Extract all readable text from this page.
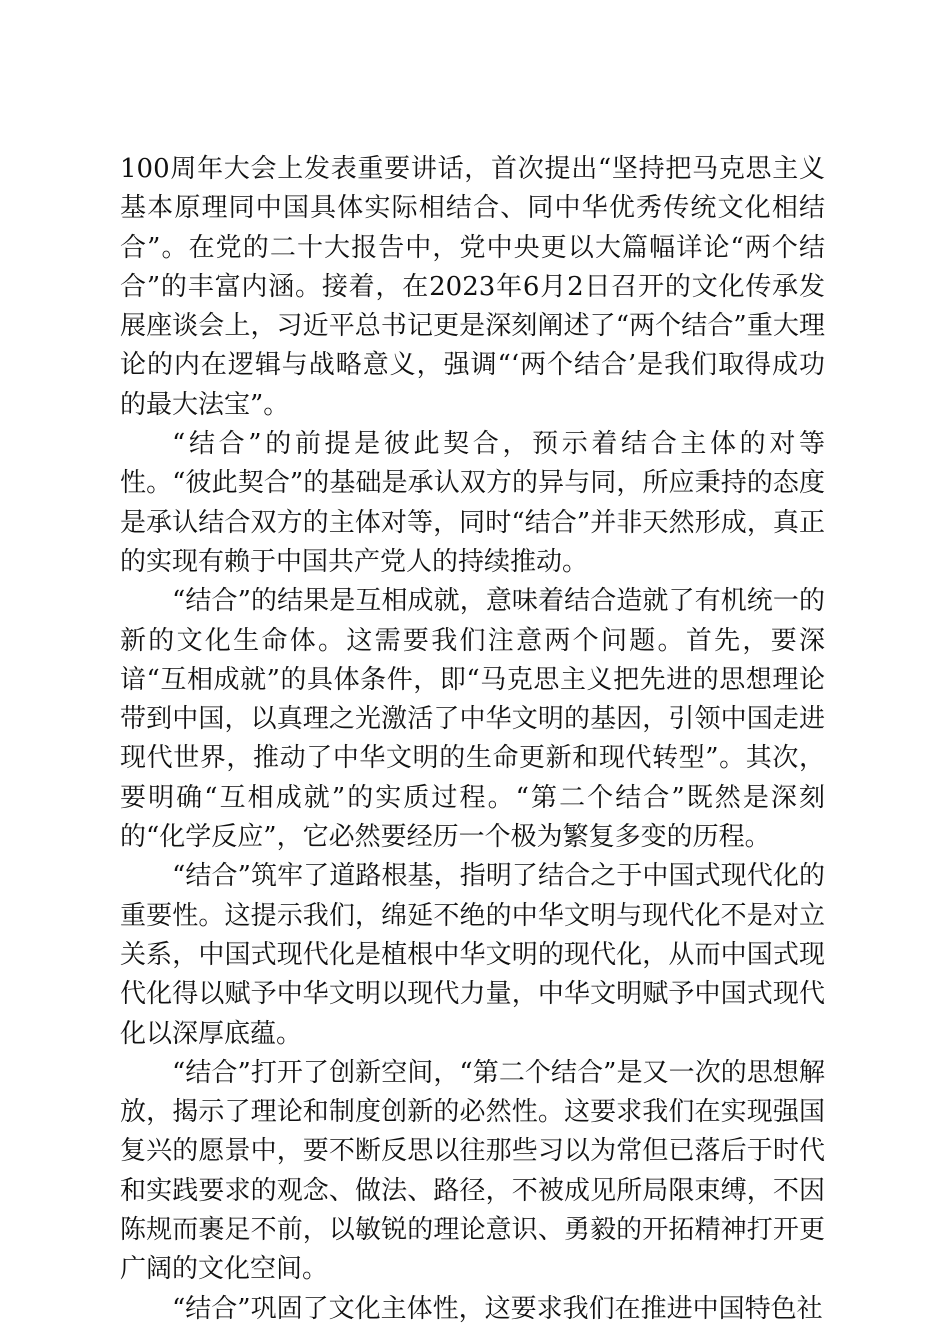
100周年大会上发表重要讲话，首次提出“坚持把马克思主义基本原理同中国具体实际相结合、同中华优秀传统文化相结合”。在党的二十大报告中，党中央更以大篇幅详论“两个结合”的丰富内涵。接着，在2023年6月2日召开的文化传承发展座谈会上，习近平总书记更是深刻阐述了“两个结合”重大理论的内在逻辑与战略意义，强调“‘两个结合’是我们取得成功的最大法宝”。

“结合”的前提是彼此契合，预示着结合主体的对等性。“彼此契合”的基础是承认双方的异与同，所应秉持的态度是承认结合双方的主体对等，同时“结合”并非天然形成，真正的实现有赖于中国共产党人的持续推动。

“结合”的结果是互相成就，意味着结合造就了有机统一的新的文化生命体。这需要我们注意两个问题。首先，要深谙“互相成就”的具体条件，即“马克思主义把先进的思想理论带到中国，以真理之光激活了中华文明的基因，引领中国走进现代世界，推动了中华文明的生命更新和现代转型”。其次，要明确“互相成就”的实质过程。“第二个结合”既然是深刻的“化学反应”，它必然要经历一个极为繁复多变的历程。

“结合”筑牢了道路根基，指明了结合之于中国式现代化的重要性。这提示我们，绵延不绝的中华文明与现代化不是对立关系，中国式现代化是植根中华文明的现代化，从而中国式现代化得以赋予中华文明以现代力量，中华文明赋予中国式现代化以深厚底蕴。

“结合”打开了创新空间，“第二个结合”是又一次的思想解放，揭示了理论和制度创新的必然性。这要求我们在实现强国复兴的愿景中，要不断反思以往那些习以为常但已落后于时代和实践要求的观念、做法、路径，不被成见所局限束缚，不因陈规而裹足不前，以敏锐的理论意识、勇毅的开拓精神打开更广阔的文化空间。

“结合”巩固了文化主体性，这要求我们在推进中国特色社
